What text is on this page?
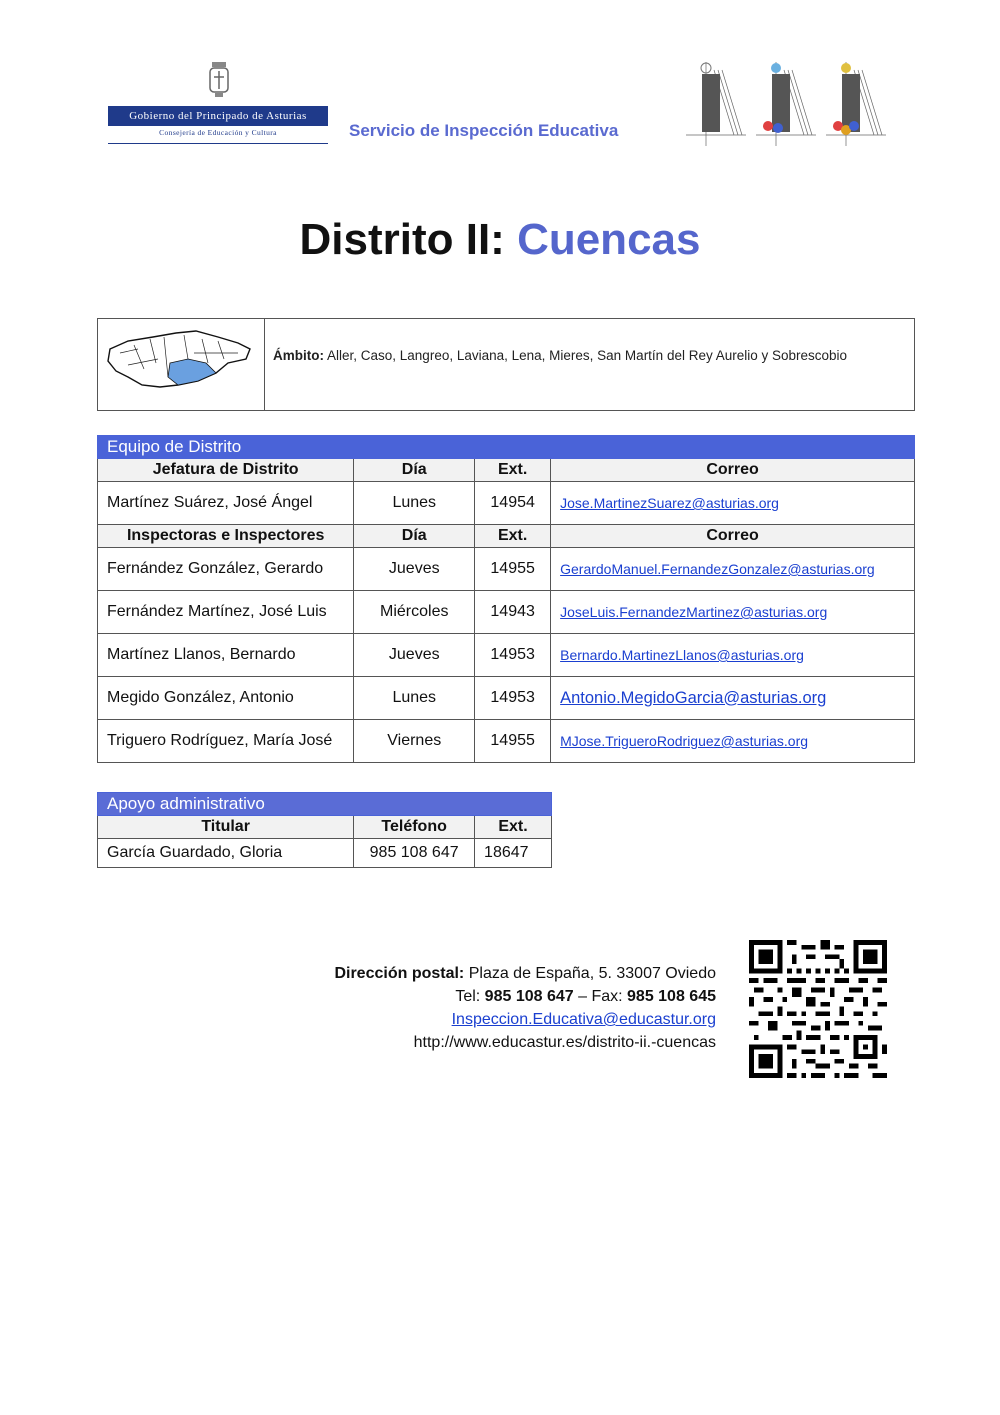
Gobierno del Principado de Asturias
Consejería de Educación y Cultura	Servicio de Inspección Educativa
Distrito II: Cuencas
Ámbito: Aller, Caso, Langreo, Laviana, Lena, Mieres, San Martín del Rey Aurelio y Sobrescobio
Equipo de Distrito			
Jefatura de Distrito	Día	Ext.	Correo
Martínez Suárez, José Ángel	Lunes	14954	Jose.MartinezSuarez@asturias.org
Inspectoras e Inspectores	Día	Ext.	Correo
Fernández González, Gerardo	Jueves	14955	GerardoManuel.FernandezGonzalez@asturias.org
Fernández Martínez, José Luis	Miércoles	14943	JoseLuis.FernandezMartinez@asturias.org
Martínez Llanos, Bernardo	Jueves	14953	Bernardo.MartinezLlanos@asturias.org
Megido González, Antonio	Lunes	14953	Antonio.MegidoGarcia@asturias.org
Triguero Rodríguez, María José	Viernes	14955	MJose.TrigueroRodriguez@asturias.org
Apoyo administrativo		
Titular	Teléfono	Ext.
García Guardado, Gloria	985 108 647	18647
Dirección postal: Plaza de España, 5. 33007 Oviedo
Tel: 985 108 647 – Fax: 985 108 645
Inspeccion.Educativa@educastur.org
http://www.educastur.es/distrito-ii.-cuencas
